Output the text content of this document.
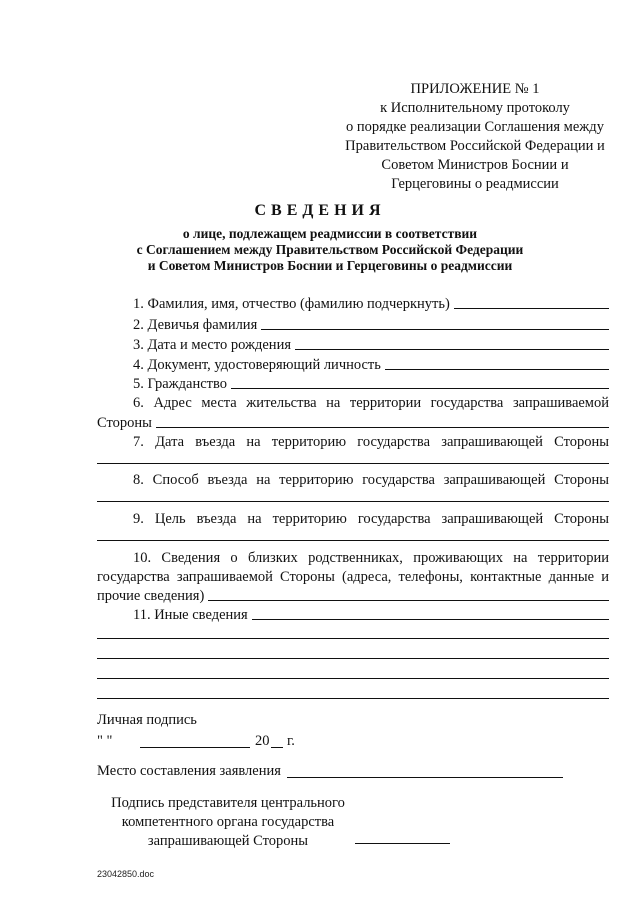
ПРИЛОЖЕНИЕ № 1
к Исполнительному протоколу
о порядке реализации Соглашения между
Правительством Российской Федерации и
Советом Министров Боснии и
Герцеговины о реадмиссии
СВЕДЕНИЯ
о лице, подлежащем реадмиссии в соответствии
с Соглашением между Правительством Российской Федерации
и Советом Министров Боснии и Герцеговины о реадмиссии
1. Фамилия, имя, отчество (фамилию подчеркнуть)
2. Девичья фамилия
3. Дата и место рождения
4. Документ, удостоверяющий личность
5. Гражданство
6. Адрес места жительства на территории государства запрашиваемой
Стороны
7. Дата въезда на территорию государства запрашивающей Стороны
8. Способ въезда на территорию государства запрашивающей Стороны
9. Цель въезда на территорию государства запрашивающей Стороны
10. Сведения о близких родственниках, проживающих на территории
государства запрашиваемой Стороны (адреса, телефоны, контактные данные и
прочие сведения)
11. Иные сведения
Личная подпись
" "	20 г.
Место составления заявления
Подпись представителя центрального
компетентного органа государства
запрашивающей Стороны
23042850.doc
